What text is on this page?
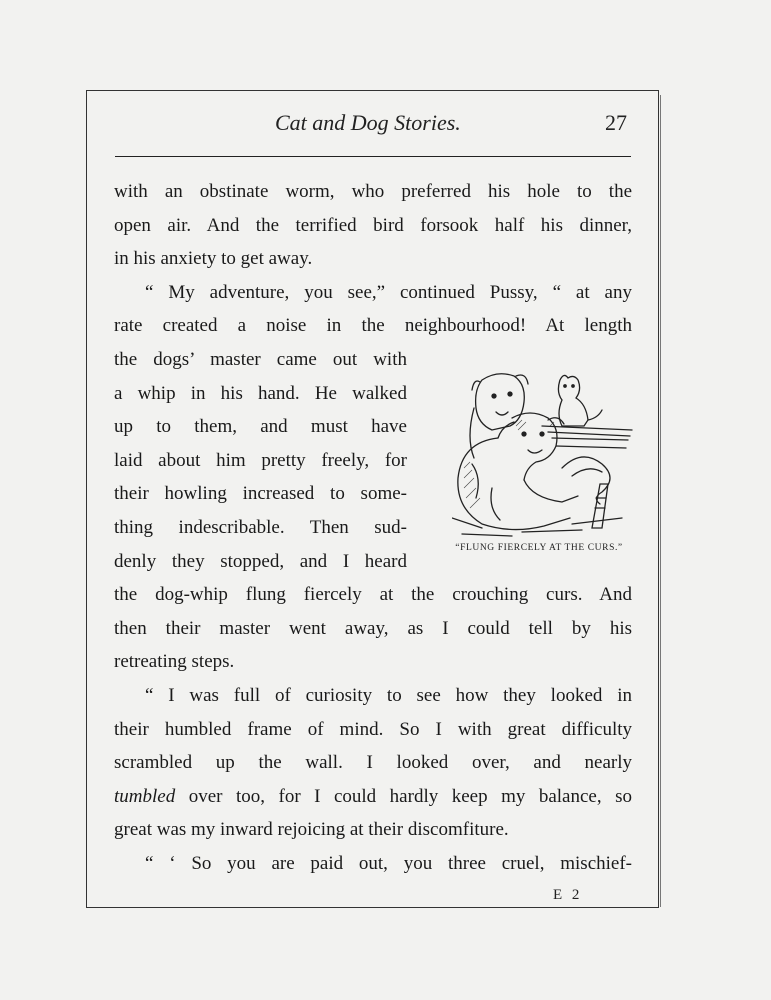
Cat and Dog Stories.	27
with an obstinate worm, who preferred his hole to the
open air. And the terrified bird forsook half his dinner,
in his anxiety to get away.
“ My adventure, you see,” continued Pussy, “ at any
rate created a noise in the neighbourhood! At length
the dogs’ master came out with
a whip in his hand. He walked
up to them, and must have
laid about him pretty freely, for
their howling increased to some-
thing indescribable. Then sud-
denly they stopped, and I heard
the dog-whip flung fiercely at the crouching curs. And
then their master went away, as I could tell by his
retreating steps.
“ I was full of curiosity to see how they looked in
their humbled frame of mind. So I with great difficulty
scrambled up the wall. I looked over, and nearly
tumbled over too, for I could hardly keep my balance, so
great was my inward rejoicing at their discomfiture.
“ ‘ So you are paid out, you three cruel, mischief-
“FLUNG FIERCELY AT THE CURS.”
E 2
